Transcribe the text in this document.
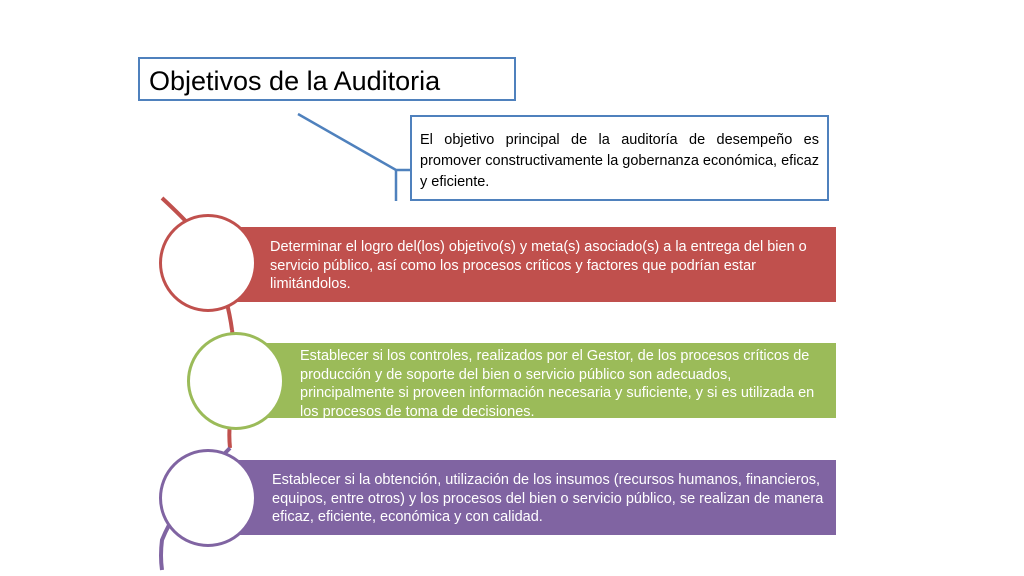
Objetivos de la Auditoria
El objetivo principal de la auditoría de desempeño es promover constructivamente la gobernanza económica, eficaz y eficiente.
Determinar el logro del(los) objetivo(s) y meta(s) asociado(s) a la entrega del bien o servicio público, así como los procesos críticos y factores que podrían estar limitándolos.
Establecer si los controles, realizados por el Gestor, de los procesos críticos de producción y de soporte del bien o servicio público son adecuados, principalmente si proveen información necesaria y suficiente, y si es utilizada en los procesos de toma de decisiones.
Establecer si la obtención, utilización de los insumos (recursos humanos, financieros, equipos, entre otros) y los procesos del bien o servicio público, se realizan de manera eficaz, eficiente, económica y con calidad.
